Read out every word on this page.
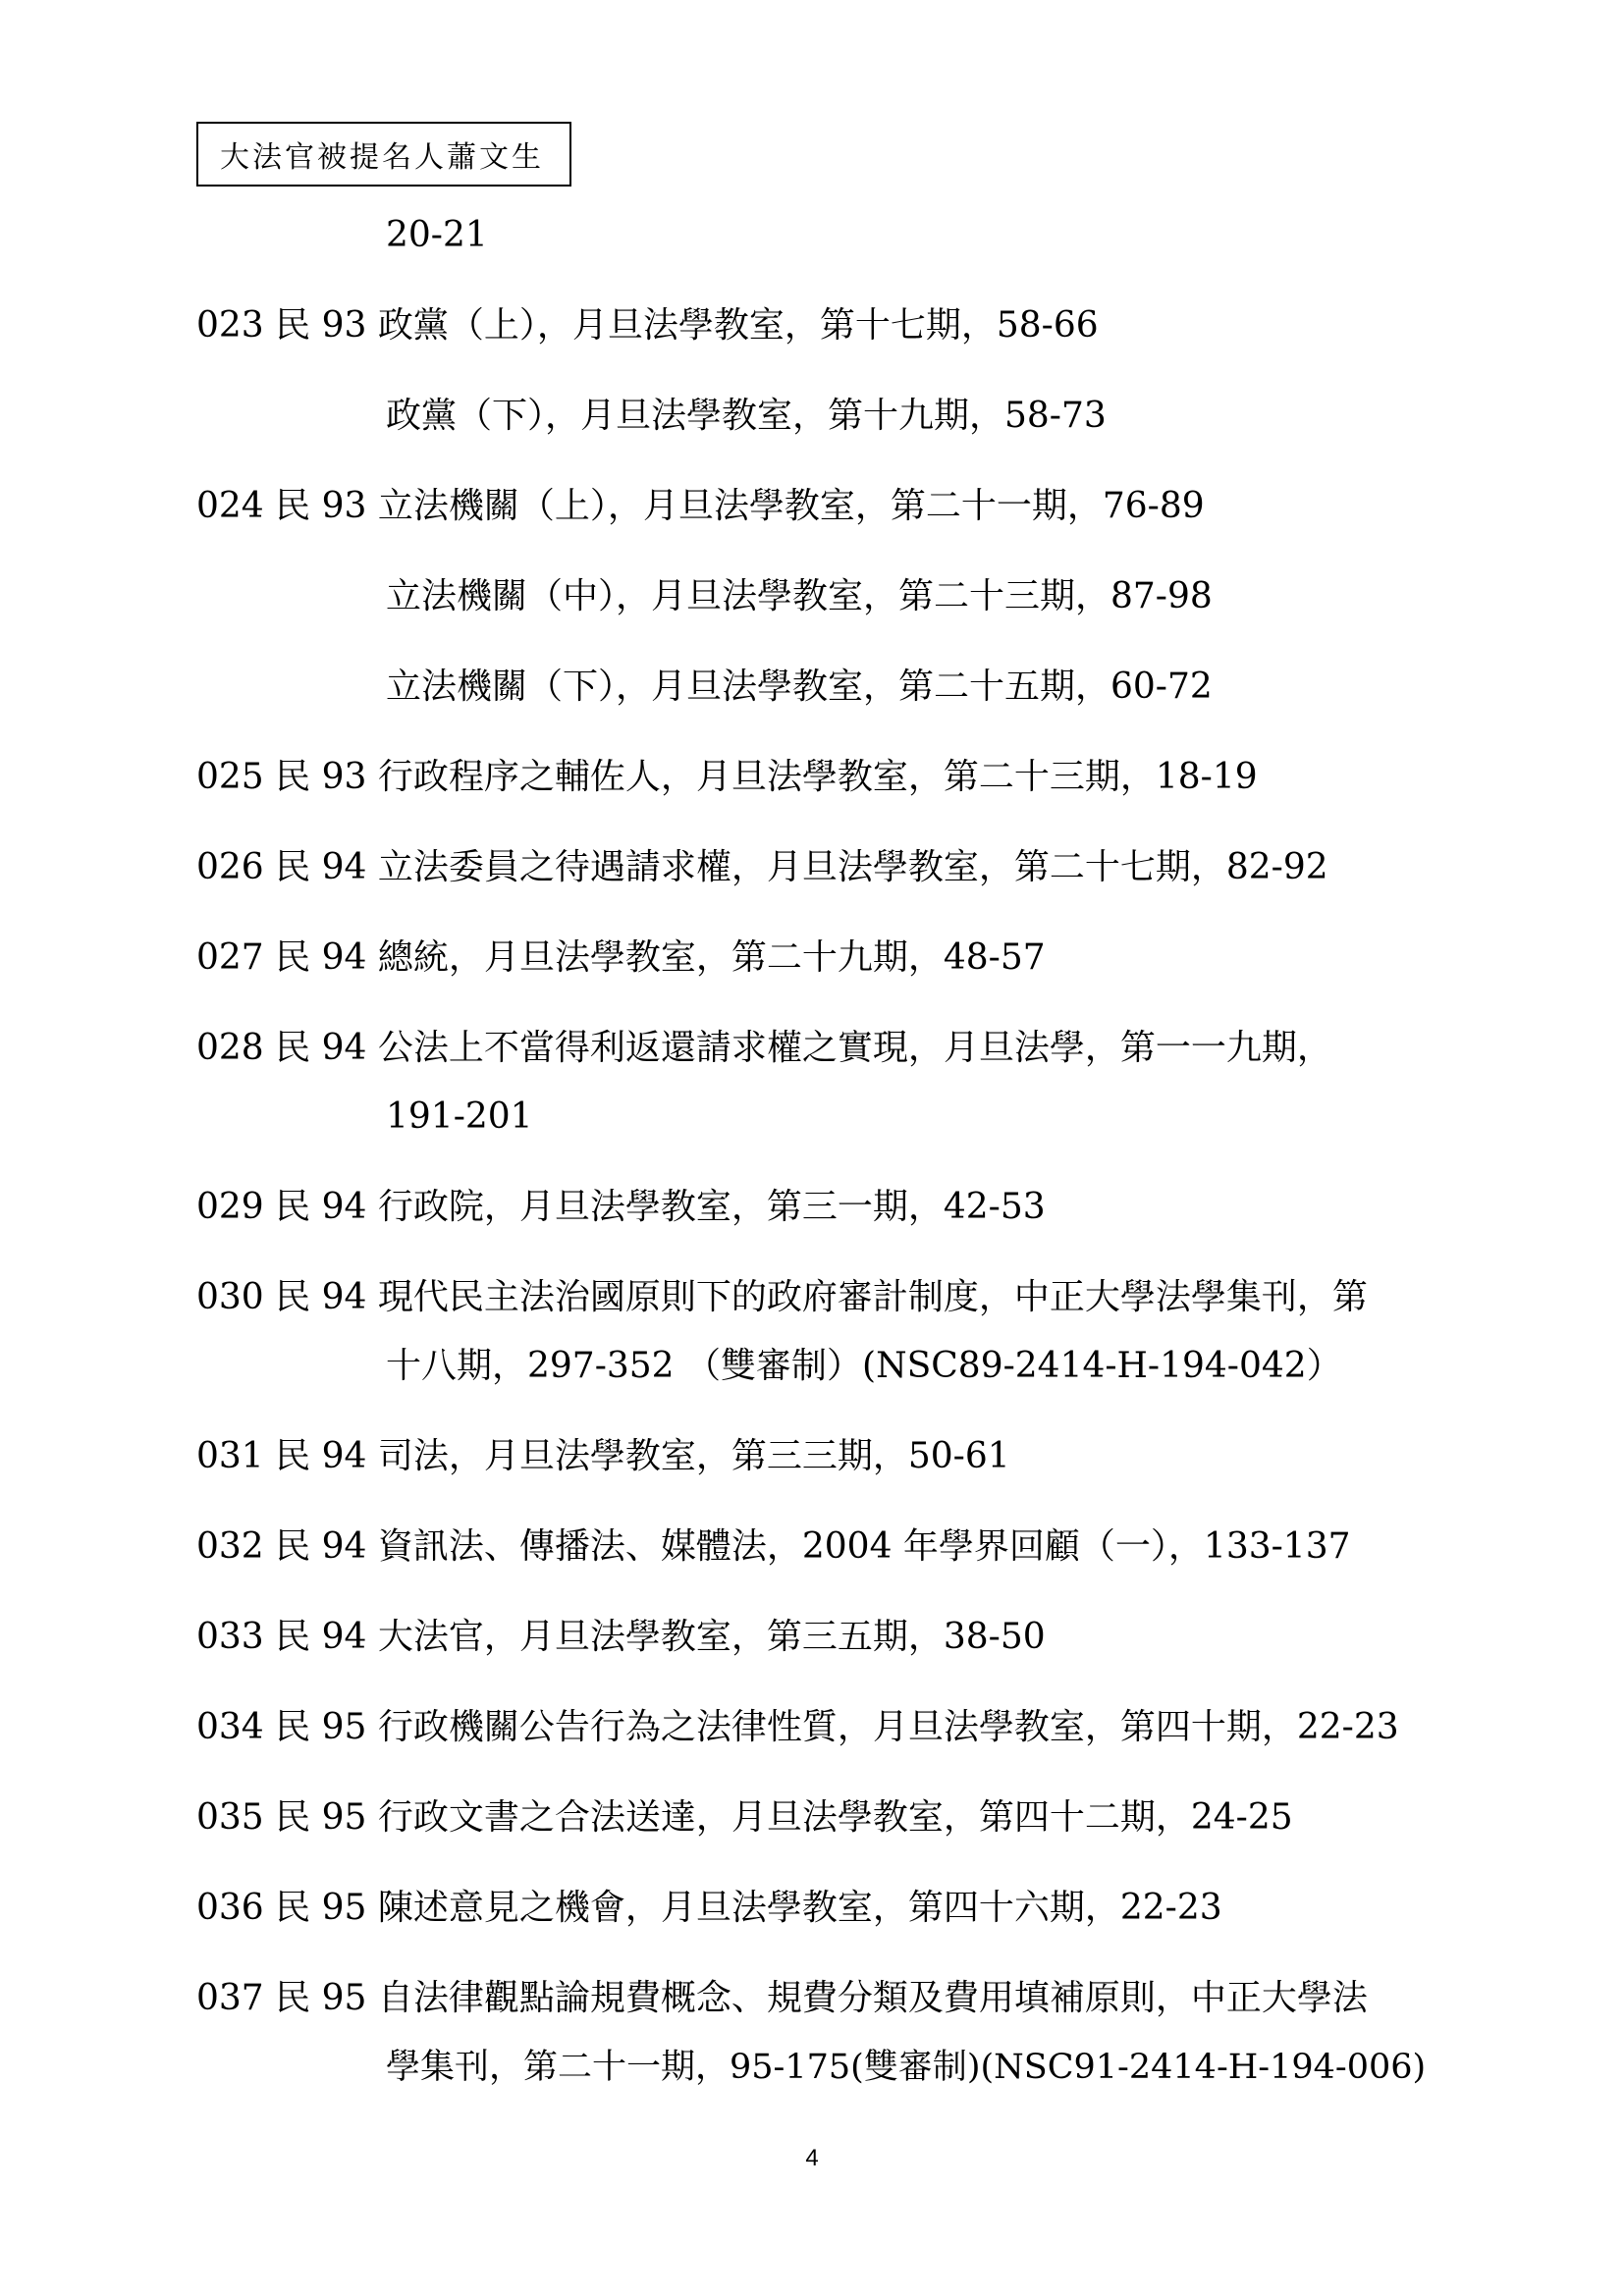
大法官被提名人蕭文生
20-21
023 民 93 政黨（上），月旦法學教室，第十七期，58-66
政黨（下），月旦法學教室，第十九期，58-73
024 民 93 立法機關（上），月旦法學教室，第二十一期，76-89
立法機關（中），月旦法學教室，第二十三期，87-98
立法機關（下），月旦法學教室，第二十五期，60-72
025 民 93 行政程序之輔佐人，月旦法學教室，第二十三期，18-19
026 民 94 立法委員之待遇請求權，月旦法學教室，第二十七期，82-92
027 民 94 總統，月旦法學教室，第二十九期，48-57
028 民 94 公法上不當得利返還請求權之實現，月旦法學，第一一九期，
191-201
029 民 94 行政院，月旦法學教室，第三一期，42-53
030 民 94 現代民主法治國原則下的政府審計制度，中正大學法學集刊，第
十八期，297-352 （雙審制）(NSC89-2414-H-194-042）
031 民 94 司法，月旦法學教室，第三三期，50-61
032 民 94 資訊法、傳播法、媒體法，2004 年學界回顧（一），133-137
033 民 94 大法官，月旦法學教室，第三五期，38-50
034 民 95 行政機關公告行為之法律性質，月旦法學教室，第四十期，22-23
035 民 95 行政文書之合法送達，月旦法學教室，第四十二期，24-25
036 民 95 陳述意見之機會，月旦法學教室，第四十六期，22-23
037 民 95 自法律觀點論規費概念、規費分類及費用填補原則，中正大學法
學集刊，第二十一期，95-175(雙審制)(NSC91-2414-H-194-006)
4
